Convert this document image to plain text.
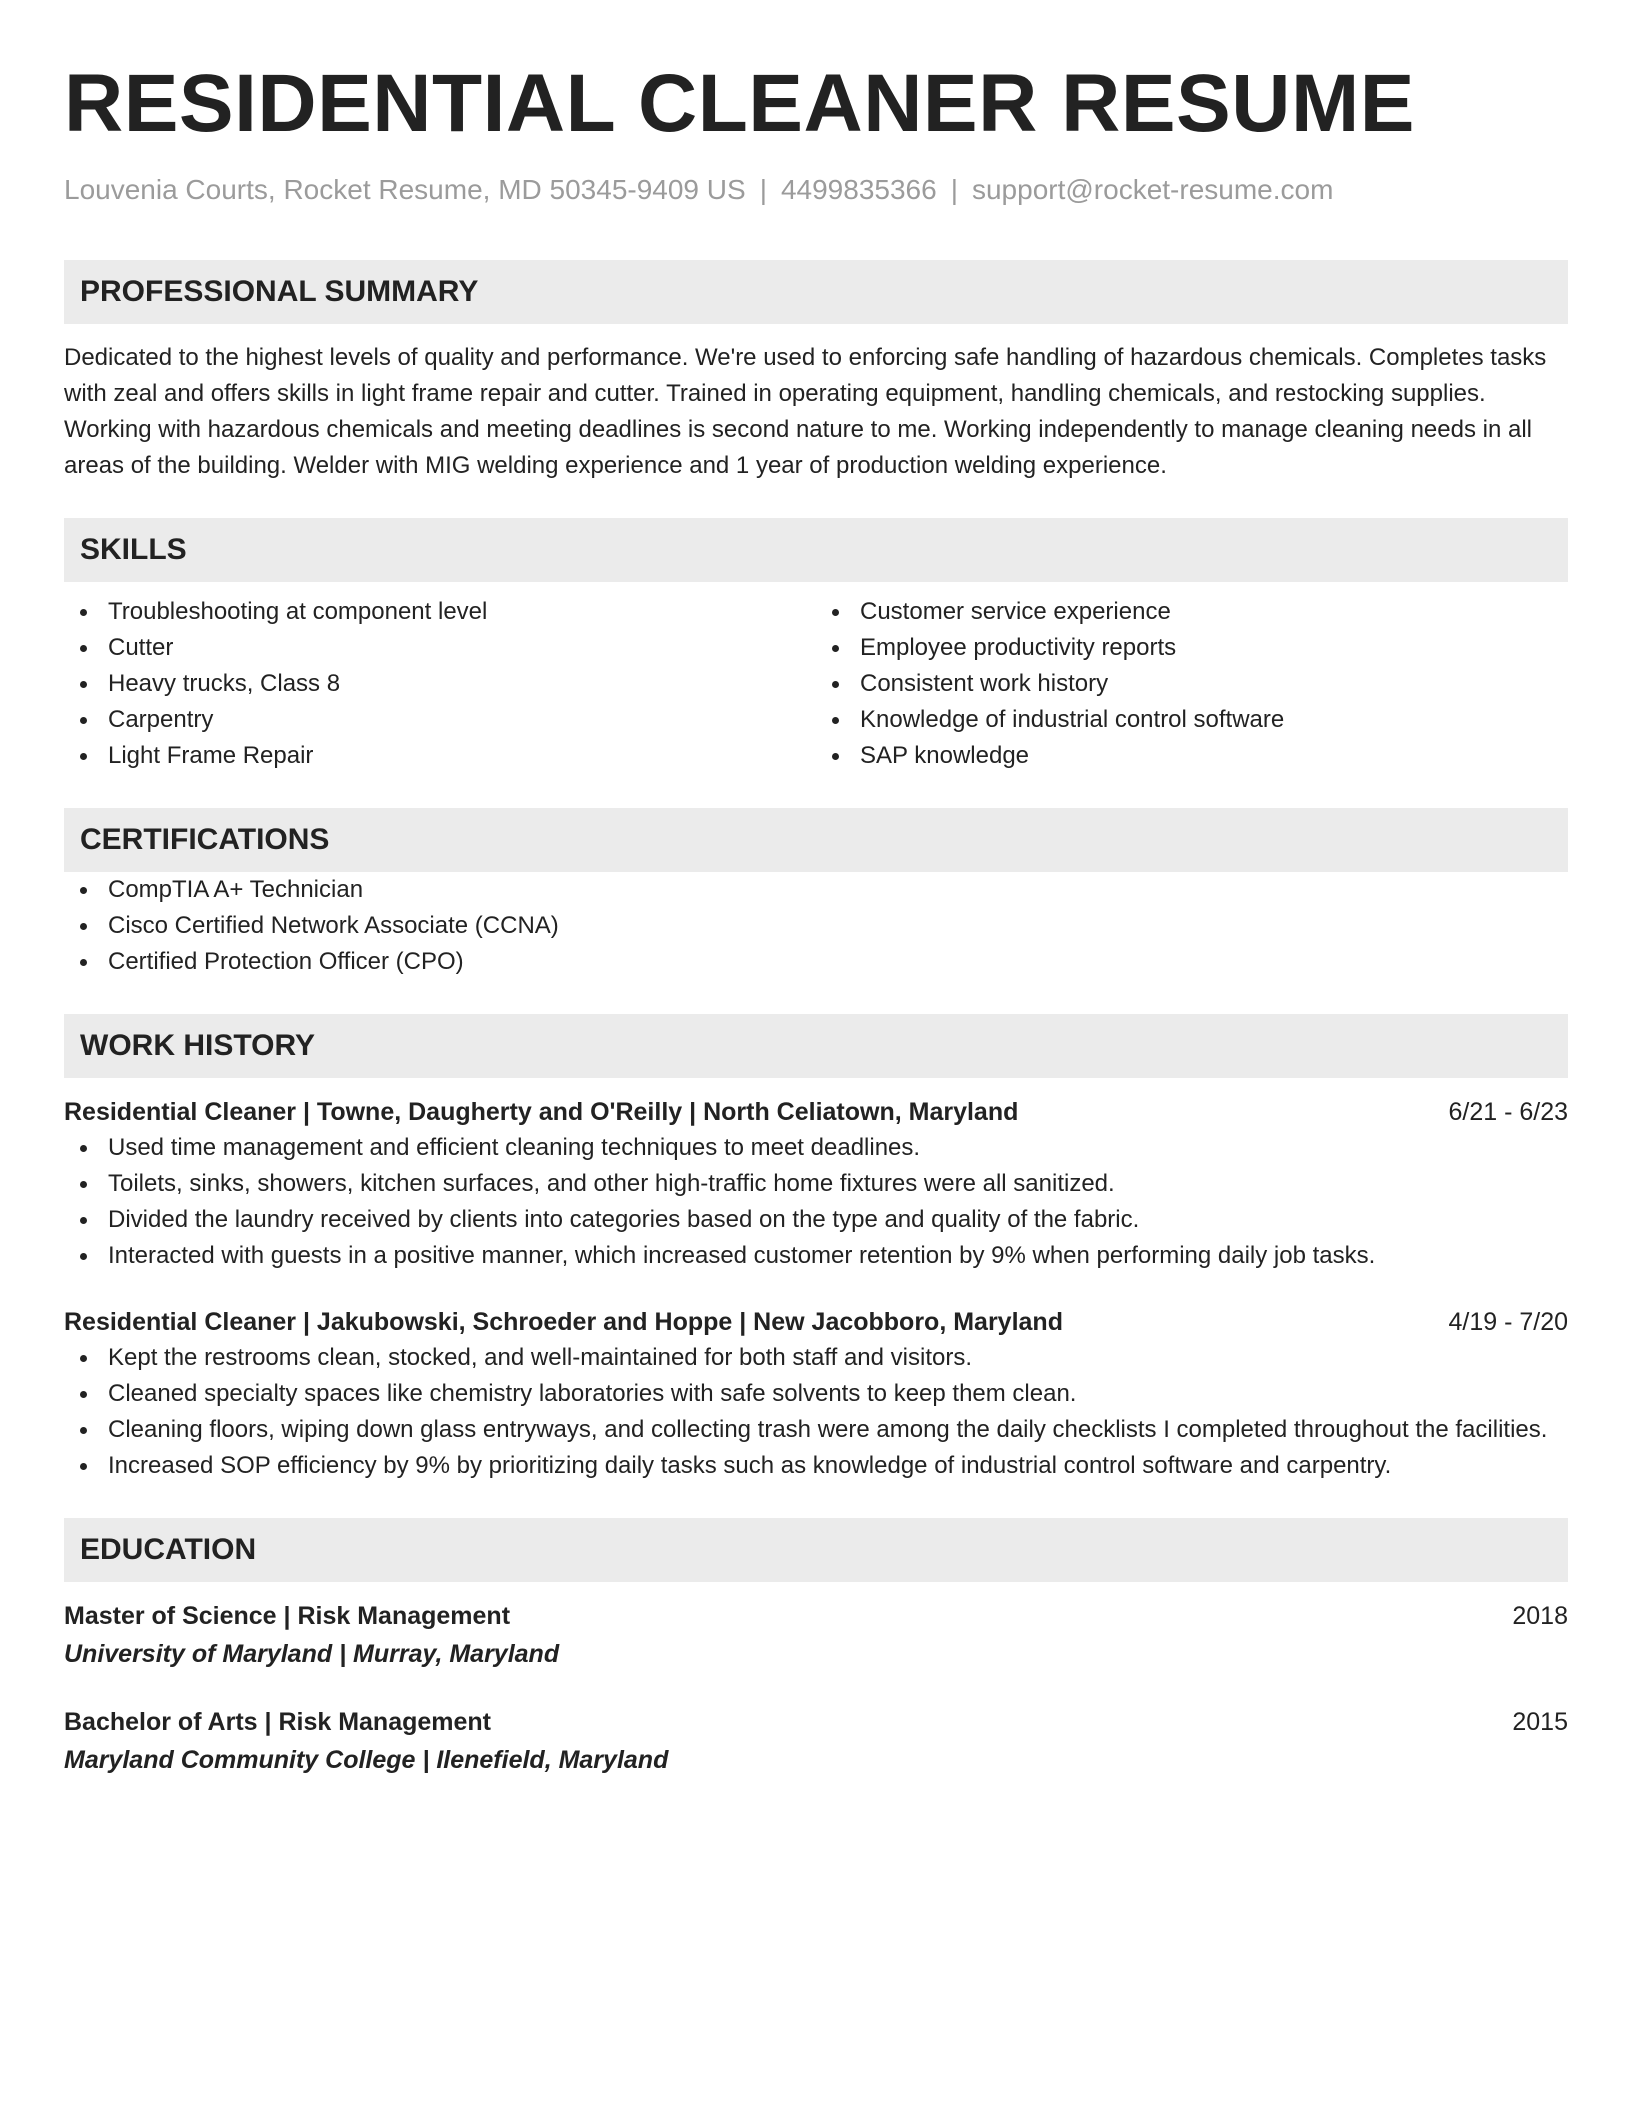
RESIDENTIAL CLEANER RESUME
Louvenia Courts, Rocket Resume, MD 50345-9409 US | 4499835366 | support@rocket-resume.com
PROFESSIONAL SUMMARY
Dedicated to the highest levels of quality and performance. We're used to enforcing safe handling of hazardous chemicals. Completes tasks with zeal and offers skills in light frame repair and cutter. Trained in operating equipment, handling chemicals, and restocking supplies. Working with hazardous chemicals and meeting deadlines is second nature to me. Working independently to manage cleaning needs in all areas of the building. Welder with MIG welding experience and 1 year of production welding experience.
SKILLS
Troubleshooting at component level
Cutter
Heavy trucks, Class 8
Carpentry
Light Frame Repair
Customer service experience
Employee productivity reports
Consistent work history
Knowledge of industrial control software
SAP knowledge
CERTIFICATIONS
CompTIA A+ Technician
Cisco Certified Network Associate (CCNA)
Certified Protection Officer (CPO)
WORK HISTORY
Residential Cleaner | Towne, Daugherty and O'Reilly | North Celiatown, Maryland	6/21 - 6/23
Used time management and efficient cleaning techniques to meet deadlines.
Toilets, sinks, showers, kitchen surfaces, and other high-traffic home fixtures were all sanitized.
Divided the laundry received by clients into categories based on the type and quality of the fabric.
Interacted with guests in a positive manner, which increased customer retention by 9% when performing daily job tasks.
Residential Cleaner | Jakubowski, Schroeder and Hoppe | New Jacobboro, Maryland	4/19 - 7/20
Kept the restrooms clean, stocked, and well-maintained for both staff and visitors.
Cleaned specialty spaces like chemistry laboratories with safe solvents to keep them clean.
Cleaning floors, wiping down glass entryways, and collecting trash were among the daily checklists I completed throughout the facilities.
Increased SOP efficiency by 9% by prioritizing daily tasks such as knowledge of industrial control software and carpentry.
EDUCATION
Master of Science | Risk Management	2018
University of Maryland | Murray, Maryland
Bachelor of Arts | Risk Management	2015
Maryland Community College | Ilenefield, Maryland
